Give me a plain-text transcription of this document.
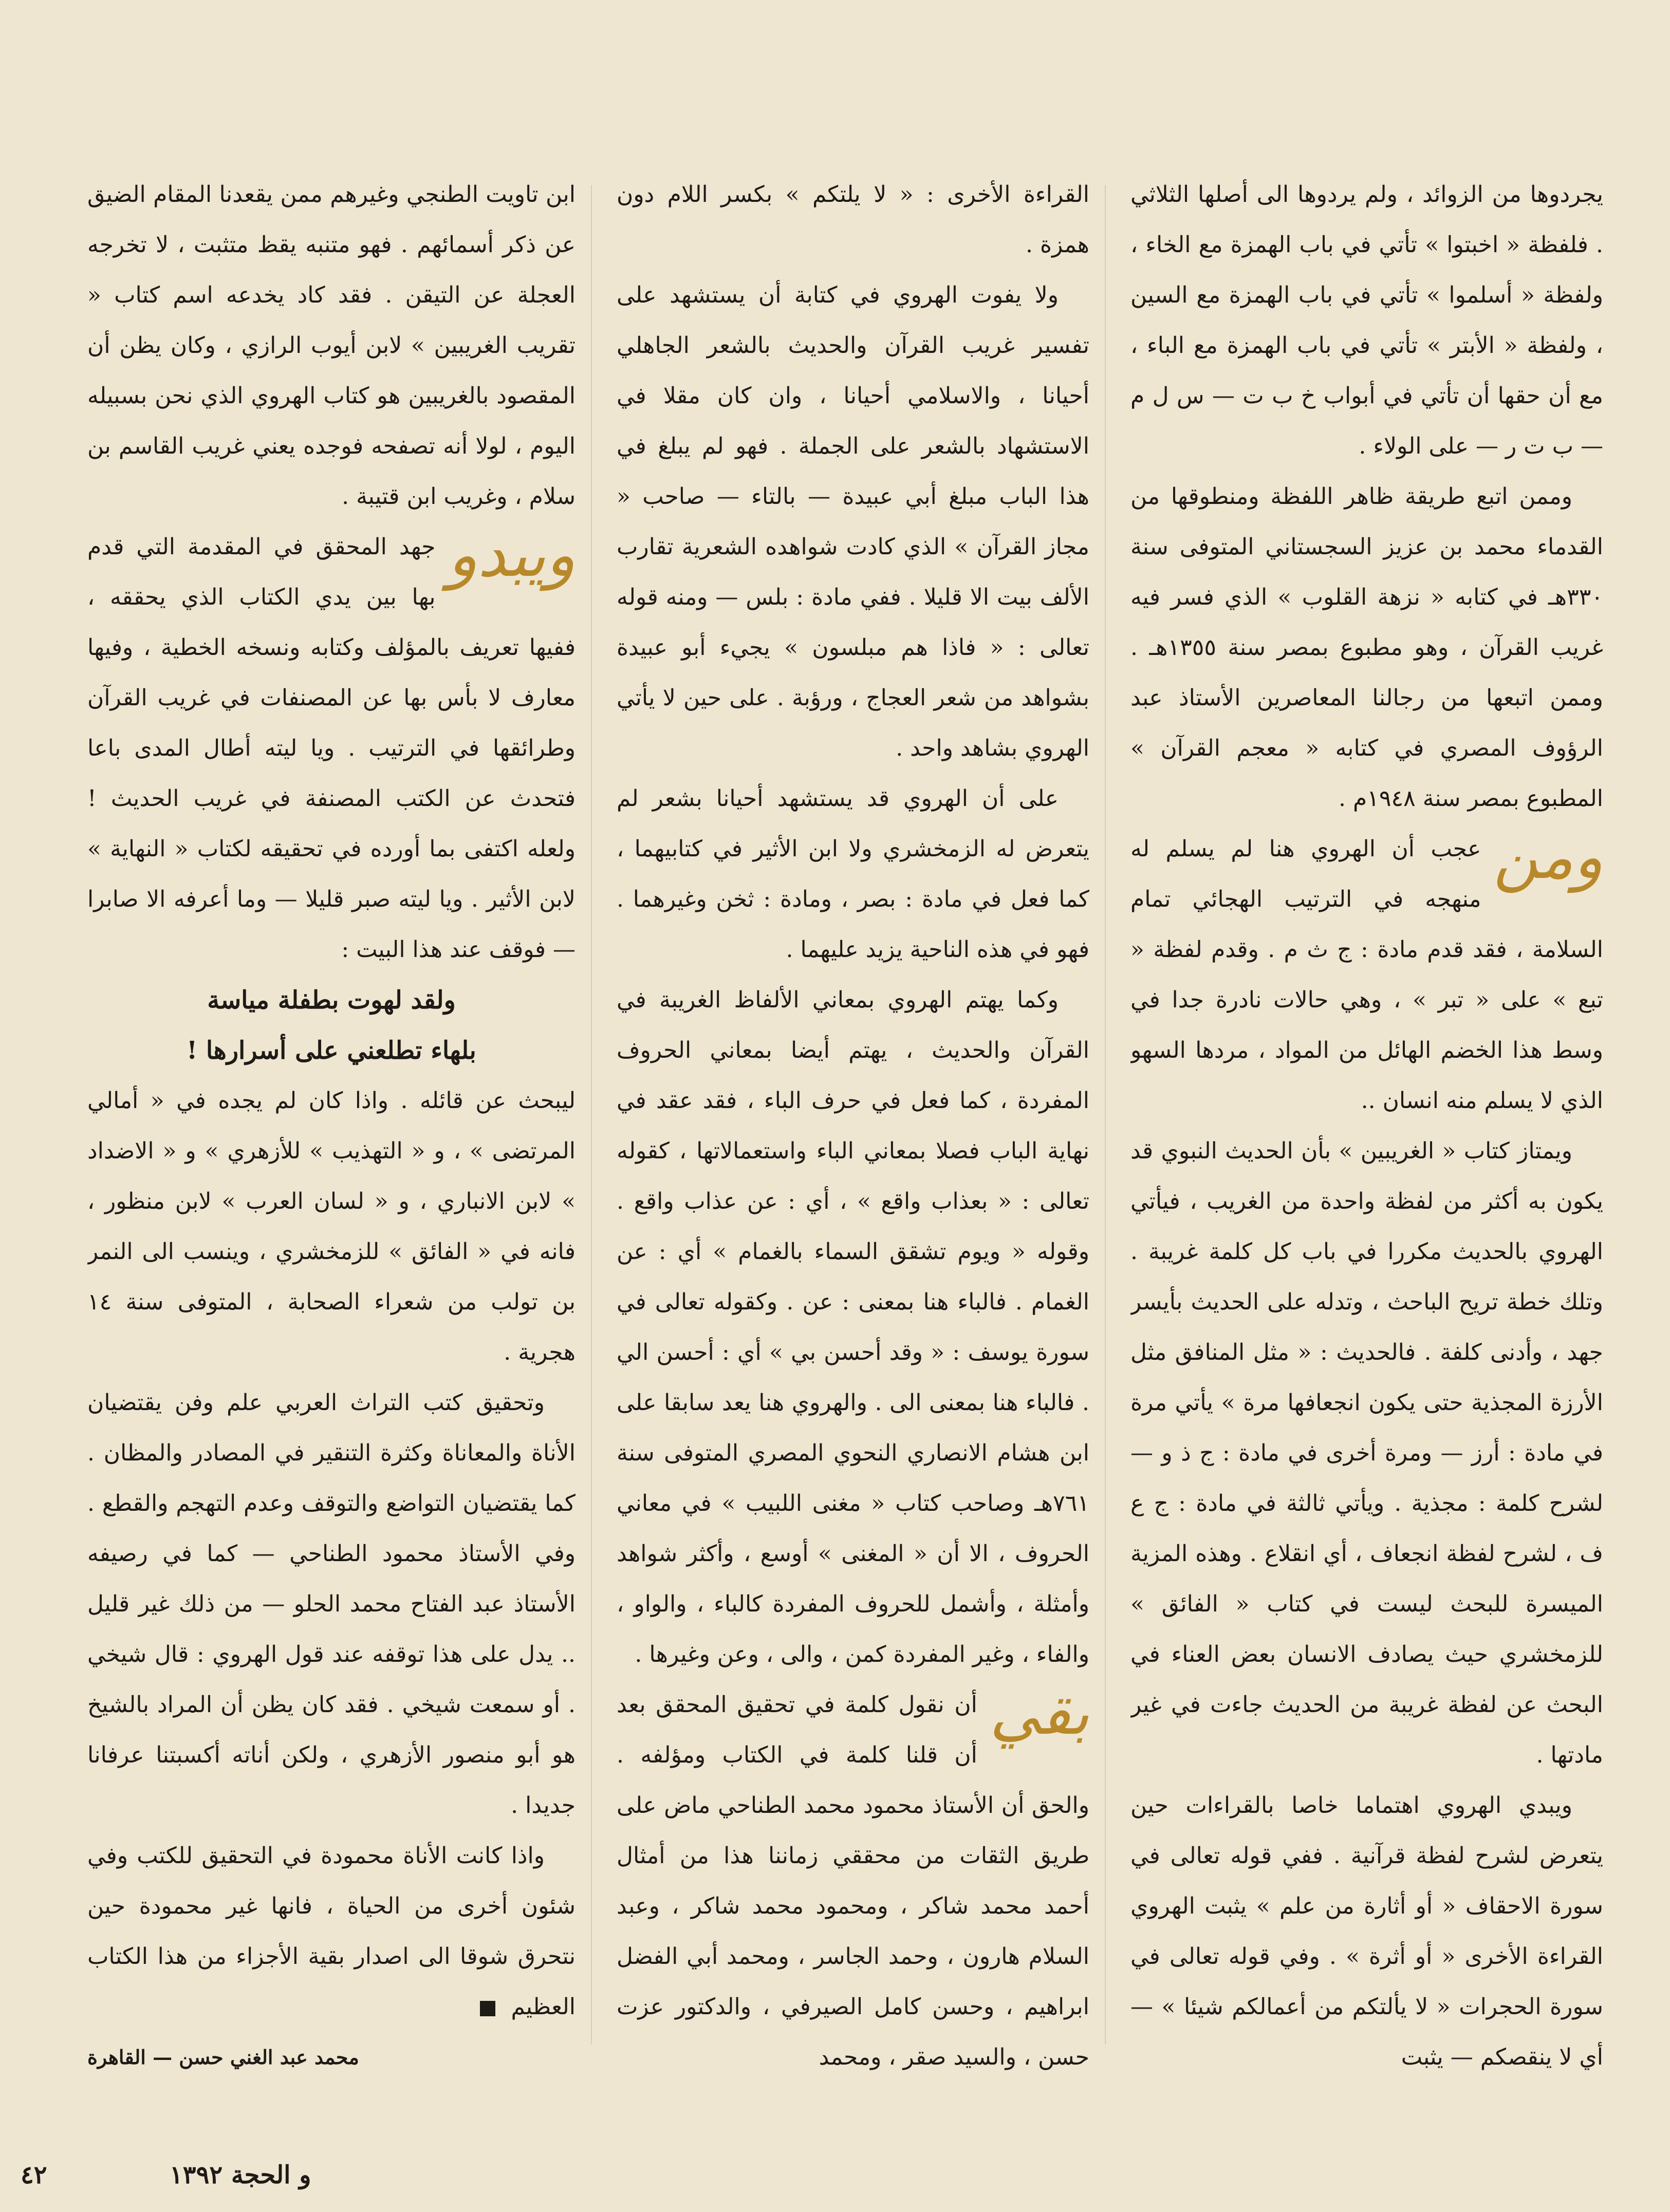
يجردوها من الزوائد ، ولم يردوها الى أصلها الثلاثي . فلفظة « اخبتوا » تأتي في باب الهمزة مع الخاء ، ولفظة « أسلموا » تأتي في باب الهمزة مع السين ، ولفظة « الأبتر » تأتي في باب الهمزة مع الباء ، مع أن حقها أن تأتي في أبواب خ ب ت — س ل م — ب ت ر — على الولاء .

وممن اتبع طريقة ظاهر اللفظة ومنطوقها من القدماء محمد بن عزيز السجستاني المتوفى سنة ٣٣٠هـ في كتابه « نزهة القلوب » الذي فسر فيه غريب القرآن ، وهو مطبوع بمصر سنة ١٣٥٥هـ . وممن اتبعها من رجالنا المعاصرين الأستاذ عبد الرؤوف المصري في كتابه « معجم القرآن » المطبوع بمصر سنة ١٩٤٨م .

ومن
عجب أن الهروي هنا لم يسلم له منهجه في الترتيب الهجائي تمام السلامة ، فقد قدم مادة : ج ث م . وقدم لفظة « تبع » على « تبر » ، وهي حالات نادرة جدا في وسط هذا الخضم الهائل من المواد ، مردها السهو الذي لا يسلم منه انسان ..

ويمتاز كتاب « الغريبين » بأن الحديث النبوي قد يكون به أكثر من لفظة واحدة من الغريب ، فيأتي الهروي بالحديث مكررا في باب كل كلمة غريبة . وتلك خطة تريح الباحث ، وتدله على الحديث بأيسر جهد ، وأدنى كلفة . فالحديث : « مثل المنافق مثل الأرزة المجذية حتى يكون انجعافها مرة » يأتي مرة في مادة : أرز — ومرة أخرى في مادة : ج ذ و — لشرح كلمة : مجذية . ويأتي ثالثة في مادة : ج ع ف ، لشرح لفظة انجعاف ، أي انقلاع . وهذه المزية الميسرة للبحث ليست في كتاب « الفائق » للزمخشري حيث يصادف الانسان بعض العناء في البحث عن لفظة غريبة من الحديث جاءت في غير مادتها .

ويبدي الهروي اهتماما خاصا بالقراءات حين يتعرض لشرح لفظة قرآنية . ففي قوله تعالى في سورة الاحقاف « أو أثارة من علم » يثبت الهروي القراءة الأخرى « أو أثرة » . وفي قوله تعالى في سورة الحجرات « لا يألتكم من أعمالكم شيئا » — أي لا ينقصكم — يثبت

القراءة الأخرى : « لا يلتكم » بكسر اللام دون همزة .

ولا يفوت الهروي في كتابة أن يستشهد على تفسير غريب القرآن والحديث بالشعر الجاهلي أحيانا ، والاسلامي أحيانا ، وان كان مقلا في الاستشهاد بالشعر على الجملة . فهو لم يبلغ في هذا الباب مبلغ أبي عبيدة — بالتاء — صاحب « مجاز القرآن » الذي كادت شواهده الشعرية تقارب الألف بيت الا قليلا . ففي مادة : بلس — ومنه قوله تعالى : « فاذا هم مبلسون » يجيء أبو عبيدة بشواهد من شعر العجاج ، ورؤبة . على حين لا يأتي الهروي بشاهد واحد .

على أن الهروي قد يستشهد أحيانا بشعر لم يتعرض له الزمخشري ولا ابن الأثير في كتابيهما ، كما فعل في مادة : بصر ، ومادة : ثخن وغيرهما . فهو في هذه الناحية يزيد عليهما .

وكما يهتم الهروي بمعاني الألفاظ الغريبة في القرآن والحديث ، يهتم أيضا بمعاني الحروف المفردة ، كما فعل في حرف الباء ، فقد عقد في نهاية الباب فصلا بمعاني الباء واستعمالاتها ، كقوله تعالى : « بعذاب واقع » ، أي : عن عذاب واقع . وقوله « ويوم تشقق السماء بالغمام » أي : عن الغمام . فالباء هنا بمعنى : عن . وكقوله تعالى في سورة يوسف : « وقد أحسن بي » أي : أحسن الي . فالباء هنا بمعنى الى . والهروي هنا يعد سابقا على ابن هشام الانصاري النحوي المصري المتوفى سنة ٧٦١هـ وصاحب كتاب « مغنى اللبيب » في معاني الحروف ، الا أن « المغنى » أوسع ، وأكثر شواهد وأمثلة ، وأشمل للحروف المفردة كالباء ، والواو ، والفاء ، وغير المفردة كمن ، والى ، وعن وغيرها .

بقي
أن نقول كلمة في تحقيق المحقق بعد أن قلنا كلمة في الكتاب ومؤلفه . والحق أن الأستاذ محمود محمد الطناحي ماض على طريق الثقات من محققي زماننا هذا من أمثال أحمد محمد شاكر ، ومحمود محمد شاكر ، وعبد السلام هارون ، وحمد الجاسر ، ومحمد أبي الفضل ابراهيم ، وحسن كامل الصيرفي ، والدكتور عزت حسن ، والسيد صقر ، ومحمد

ابن تاويت الطنجي وغيرهم ممن يقعدنا المقام الضيق عن ذكر أسمائهم . فهو متنبه يقظ متثبت ، لا تخرجه العجلة عن التيقن . فقد كاد يخدعه اسم كتاب « تقريب الغريبين » لابن أيوب الرازي ، وكان يظن أن المقصود بالغريبين هو كتاب الهروي الذي نحن بسبيله اليوم ، لولا أنه تصفحه فوجده يعني غريب القاسم بن سلام ، وغريب ابن قتيبة .

ويبدو
جهد المحقق في المقدمة التي قدم بها بين يدي الكتاب الذي يحققه ، ففيها تعريف بالمؤلف وكتابه ونسخه الخطية ، وفيها معارف لا بأس بها عن المصنفات في غريب القرآن وطرائقها في الترتيب . ويا ليته أطال المدى باعا فتحدث عن الكتب المصنفة في غريب الحديث ! ولعله اكتفى بما أورده في تحقيقه لكتاب « النهاية » لابن الأثير . ويا ليته صبر قليلا — وما أعرفه الا صابرا — فوقف عند هذا البيت :

ولقد لهوت بطفلة مياسة

بلهاء تطلعني على أسرارها !

ليبحث عن قائله . واذا كان لم يجده في « أمالي المرتضى » ، و « التهذيب » للأزهري » و « الاضداد » لابن الانباري ، و « لسان العرب » لابن منظور ، فانه في « الفائق » للزمخشري ، وينسب الى النمر بن تولب من شعراء الصحابة ، المتوفى سنة ١٤ هجرية .

وتحقيق كتب التراث العربي علم وفن يقتضيان الأناة والمعاناة وكثرة التنقير في المصادر والمظان . كما يقتضيان التواضع والتوقف وعدم التهجم والقطع . وفي الأستاذ محمود الطناحي — كما في رصيفه الأستاذ عبد الفتاح محمد الحلو — من ذلك غير قليل .. يدل على هذا توقفه عند قول الهروي : قال شيخي . أو سمعت شيخي . فقد كان يظن أن المراد بالشيخ هو أبو منصور الأزهري ، ولكن أناته أكسبتنا عرفانا جديدا .

واذا كانت الأناة محمودة في التحقيق للكتب وفي شئون أخرى من الحياة ، فانها غير محمودة حين نتحرق شوقا الى اصدار بقية الأجزاء من هذا الكتاب العظيم

محمد عبد الغني حسن — القاهرة

و الحجة ١٣٩٢
٤٢
